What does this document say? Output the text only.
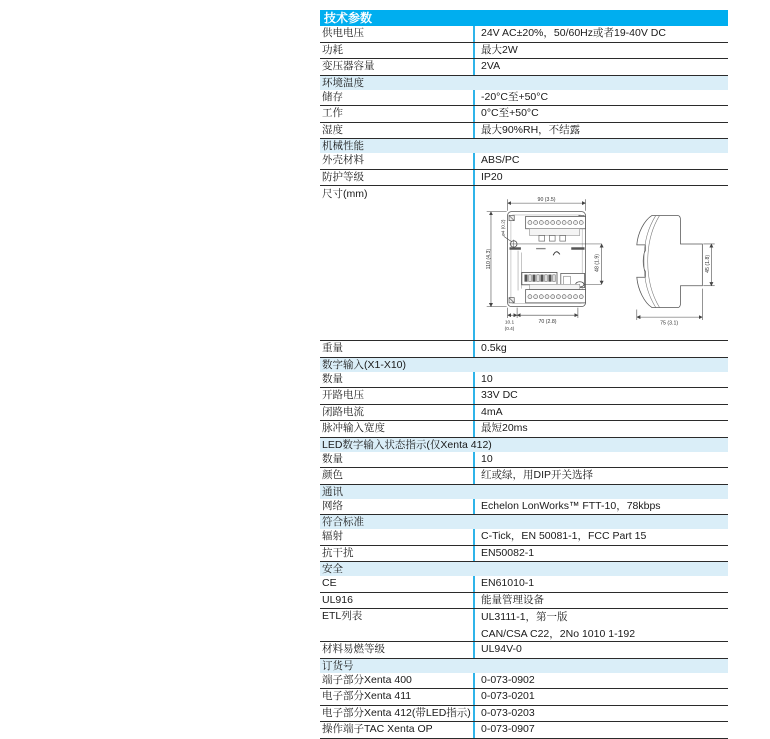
技术参数
供电电压	24V AC±20%，50/60Hz或者19-40V DC
功耗	最大2W
变压器容量	2VA
环境温度
储存	-20°C至+50°C
工作	0°C至+50°C
湿度	最大90%RH，不结露
机械性能
外壳材料	ABS/PC
防护等级	IP20
尺寸(mm)
90 (3.5)
110 (4.3)
ø4 (0.2)
48 (1.9)
10.1
(0.4)
70 (2.8)	75 (3.1)
45 (1.8)
重量	0.5kg
数字输入(X1-X10)
数量	10
开路电压	33V DC
闭路电流	4mA
脉冲输入宽度	最短20ms
LED数字输入状态指示(仅Xenta 412)
数量	10
颜色	红或绿，用DIP开关选择
通讯
网络	Echelon LonWorks™ FTT-10，78kbps
符合标准
辐射	C-Tick，EN 50081-1，FCC Part 15
抗干扰	EN50082-1
安全
CE	EN61010-1
UL916	能量管理设备
ETL列表	UL3111-1，第一版
CAN/CSA C22，2No 1010 1-192
材料易燃等级	UL94V-0
订货号
端子部分Xenta 400	0-073-0902
电子部分Xenta 411	0-073-0201
电子部分Xenta 412(带LED指示) 0-073-0203
操作端子TAC Xenta OP	0-073-0907
